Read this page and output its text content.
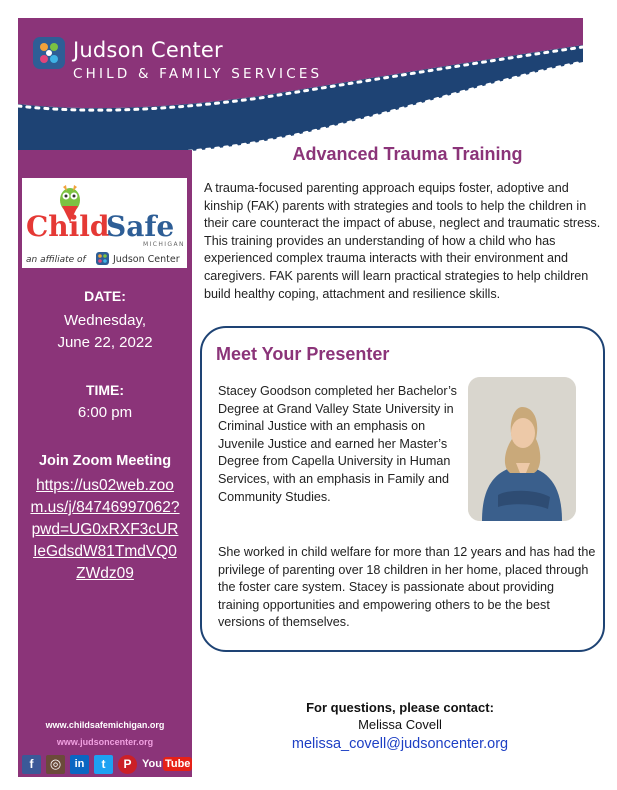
Judson Center
CHILD & FAMILY SERVICES
Child
Safe
MICHIGAN
an affiliate of	Judson Center
DATE:
Wednesday,
June 22, 2022
TIME:
6:00 pm
Join Zoom Meeting
https://us02web.zoom.us/j/84746997062?pwd=UG0xRXF3cURIeGdsdW81TmdVQ0ZWdz09
www.childsafemichigan.org
www.judsoncenter.org
f	◎	in	t	P You Tube
Advanced Trauma Training
A trauma-focused parenting approach equips foster, adoptive and kinship (FAK) parents with strategies and tools to help the children in their care counteract the impact of abuse, neglect and traumatic stress. This training provides an understanding of how a child who has experienced complex trauma interacts with their environment and caregivers. FAK parents will learn practical strategies to help children build healthy coping, attachment and resilience skills.
Meet Your Presenter
Stacey Goodson completed her Bachelor’s Degree at Grand Valley State University in Criminal Justice with an emphasis on Juvenile Justice and earned her Master’s Degree from Capella University in Human Services, with an emphasis in Family and Community Studies.
She worked in child welfare for more than 12 years and has had the privilege of parenting over 18 children in her home, placed through the foster care system. Stacey is passionate about providing training opportunities and empowering others to be the best versions of themselves.
For questions, please contact:
Melissa Covell
melissa_covell@judsoncenter.org
